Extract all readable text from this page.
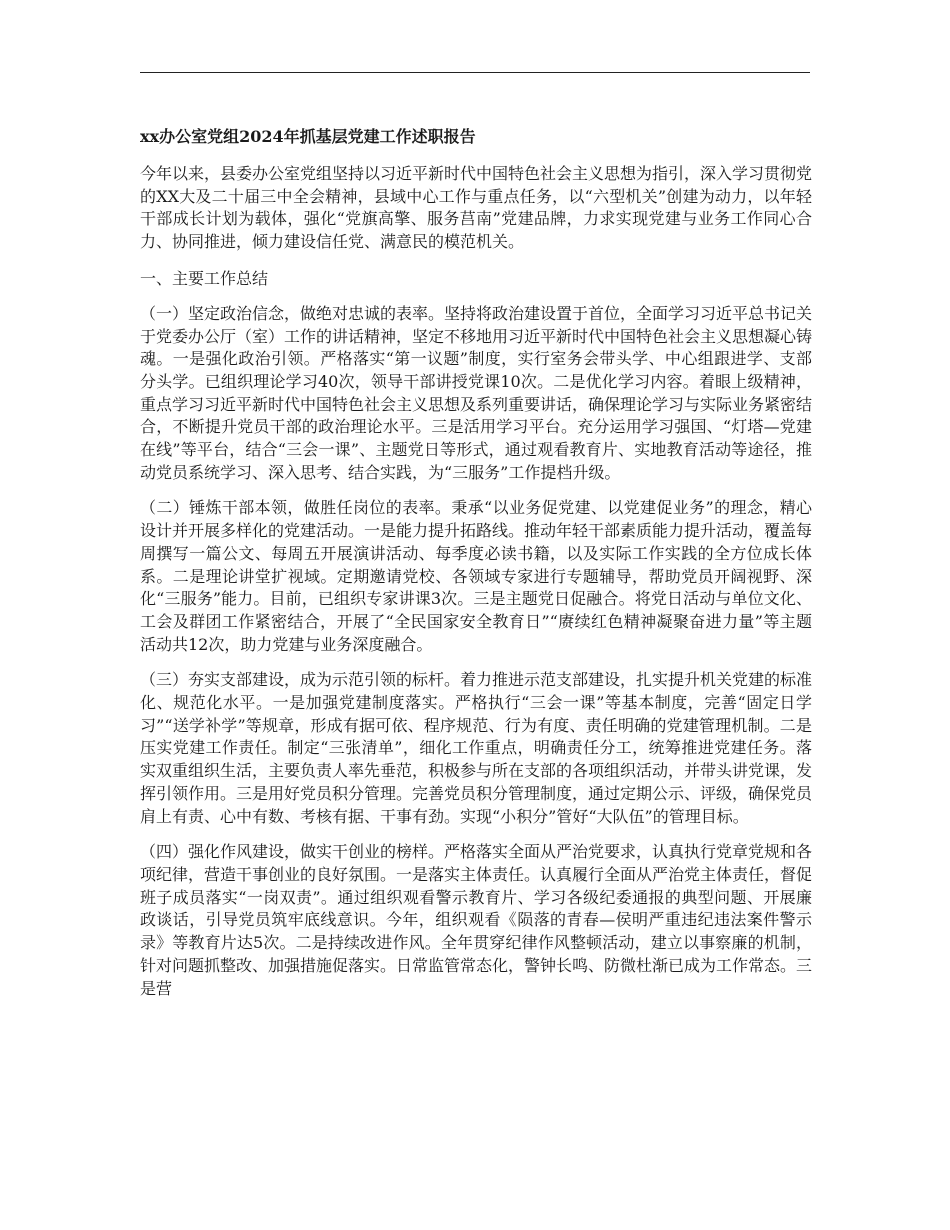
xx办公室党组2024年抓基层党建工作述职报告

今年以来，县委办公室党组坚持以习近平新时代中国特色社会主义思想为指引，深入学习贯彻党的XX大及二十届三中全会精神，县域中心工作与重点任务，以“六型机关”创建为动力，以年轻干部成长计划为载体，强化“党旗高擎、服务莒南”党建品牌，力求实现党建与业务工作同心合力、协同推进，倾力建设信任党、满意民的模范机关。

一、主要工作总结

（一）坚定政治信念，做绝对忠诚的表率。坚持将政治建设置于首位，全面学习习近平总书记关于党委办公厅（室）工作的讲话精神，坚定不移地用习近平新时代中国特色社会主义思想凝心铸魂。一是强化政治引领。严格落实“第一议题”制度，实行室务会带头学、中心组跟进学、支部分头学。已组织理论学习40次，领导干部讲授党课10次。二是优化学习内容。着眼上级精神，重点学习习近平新时代中国特色社会主义思想及系列重要讲话，确保理论学习与实际业务紧密结合，不断提升党员干部的政治理论水平。三是活用学习平台。充分运用学习强国、“灯塔—党建在线”等平台，结合“三会一课”、主题党日等形式，通过观看教育片、实地教育活动等途径，推动党员系统学习、深入思考、结合实践，为“三服务”工作提档升级。

（二）锤炼干部本领，做胜任岗位的表率。秉承“以业务促党建、以党建促业务”的理念，精心设计并开展多样化的党建活动。一是能力提升拓路线。推动年轻干部素质能力提升活动，覆盖每周撰写一篇公文、每周五开展演讲活动、每季度必读书籍，以及实际工作实践的全方位成长体系。二是理论讲堂扩视域。定期邀请党校、各领域专家进行专题辅导，帮助党员开阔视野、深化“三服务”能力。目前，已组织专家讲课3次。三是主题党日促融合。将党日活动与单位文化、工会及群团工作紧密结合，开展了“全民国家安全教育日”“赓续红色精神凝聚奋进力量”等主题活动共12次，助力党建与业务深度融合。

（三）夯实支部建设，成为示范引领的标杆。着力推进示范支部建设，扎实提升机关党建的标准化、规范化水平。一是加强党建制度落实。严格执行“三会一课”等基本制度，完善“固定日学习”“送学补学”等规章，形成有据可依、程序规范、行为有度、责任明确的党建管理机制。二是压实党建工作责任。制定“三张清单”，细化工作重点，明确责任分工，统筹推进党建任务。落实双重组织生活，主要负责人率先垂范，积极参与所在支部的各项组织活动，并带头讲党课，发挥引领作用。三是用好党员积分管理。完善党员积分管理制度，通过定期公示、评级，确保党员肩上有责、心中有数、考核有据、干事有劲。实现“小积分”管好“大队伍”的管理目标。

（四）强化作风建设，做实干创业的榜样。严格落实全面从严治党要求，认真执行党章党规和各项纪律，营造干事创业的良好氛围。一是落实主体责任。认真履行全面从严治党主体责任，督促班子成员落实“一岗双责”。通过组织观看警示教育片、学习各级纪委通报的典型问题、开展廉政谈话，引导党员筑牢底线意识。今年，组织观看《陨落的青春—侯明严重违纪违法案件警示录》等教育片达5次。二是持续改进作风。全年贯穿纪律作风整顿活动，建立以事察廉的机制，针对问题抓整改、加强措施促落实。日常监管常态化，警钟长鸣、防微杜渐已成为工作常态。三是营
